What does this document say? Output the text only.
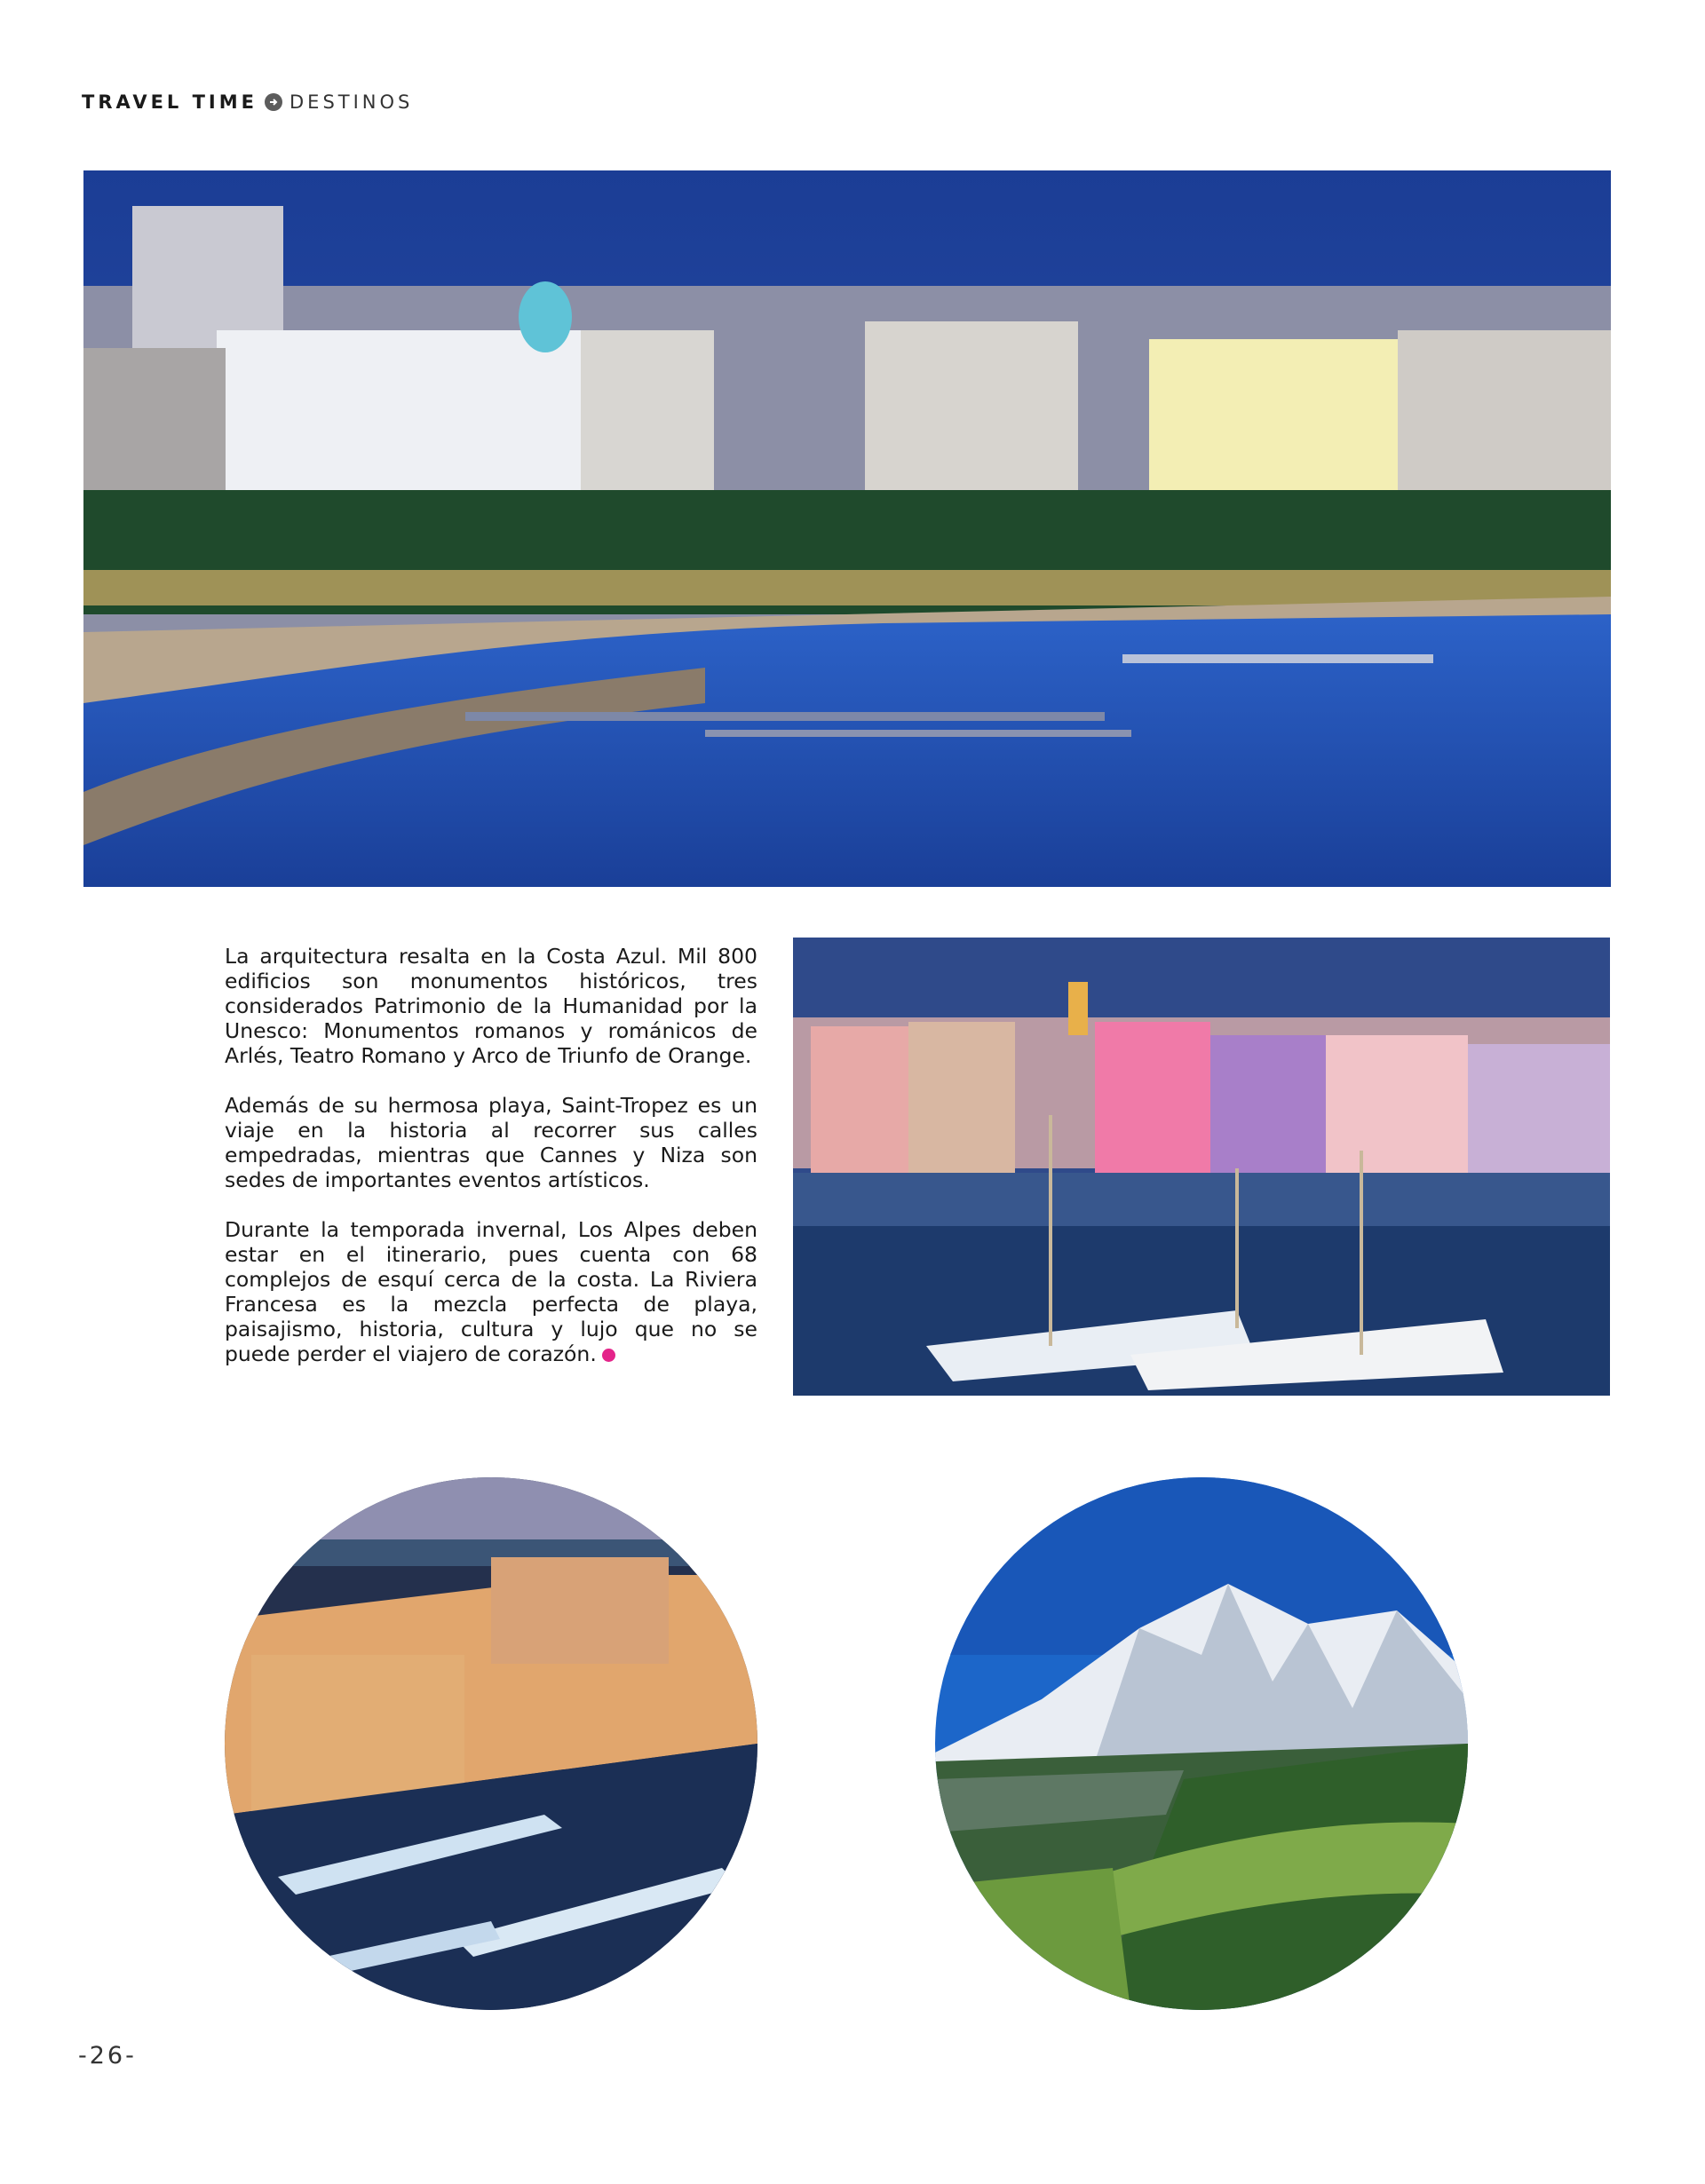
TRAVEL TIME DESTINOS

La arquitectura resalta en la Costa Azul. Mil 800 edificios son monumentos históricos, tres considerados Patrimonio de la Humanidad por la Unesco: Monumentos romanos y románicos de Arlés, Teatro Romano y Arco de Triunfo de Orange.

Además de su hermosa playa, Saint-Tropez es un viaje en la historia al recorrer sus calles empedradas, mientras que Cannes y Niza son sedes de importantes eventos artísticos.

Durante la temporada invernal, Los Alpes deben estar en el itinerario, pues cuenta con 68 complejos de esquí cerca de la costa. La Riviera Francesa es la mezcla perfecta de playa, paisajismo, historia, cultura y lujo que no se puede perder el viajero de corazón.

-26-
